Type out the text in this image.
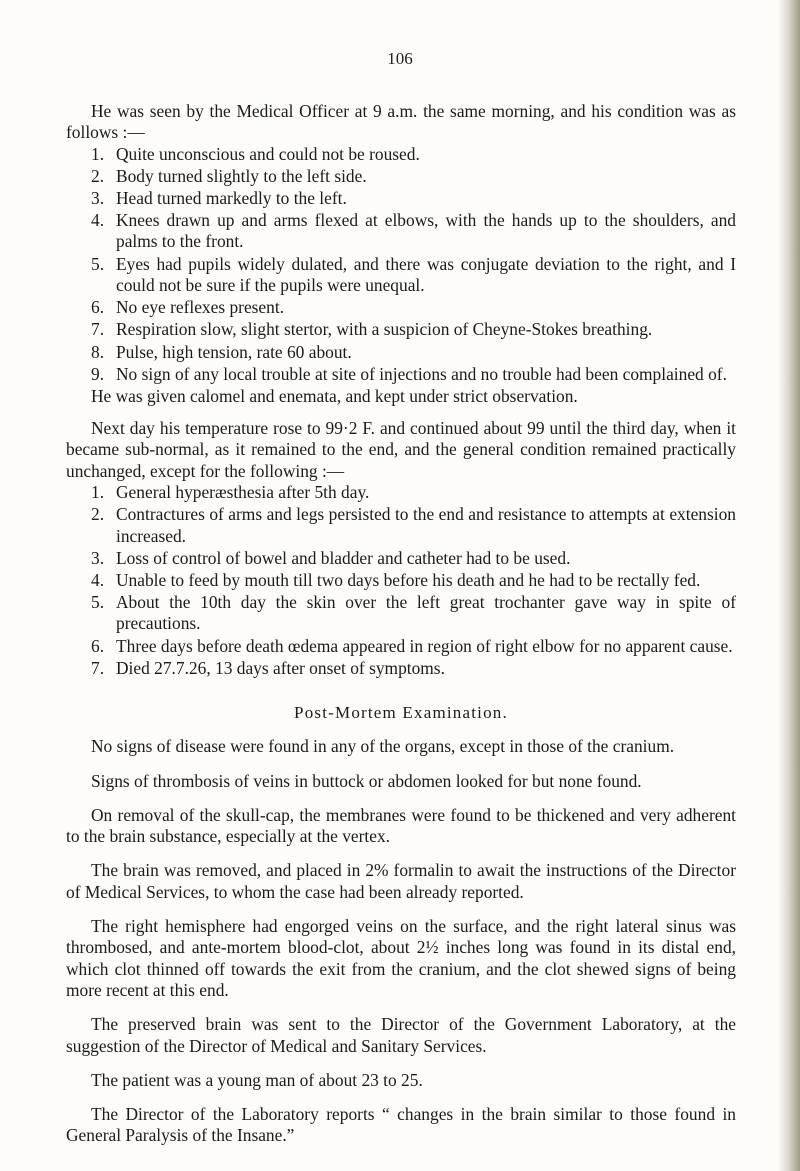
106

He was seen by the Medical Officer at 9 a.m. the same morning, and his condition was as follows :—

1. Quite unconscious and could not be roused.
2. Body turned slightly to the left side.
3. Head turned markedly to the left.
4. Knees drawn up and arms flexed at elbows, with the hands up to the shoulders, and palms to the front.
5. Eyes had pupils widely dulated, and there was conjugate deviation to the right, and I could not be sure if the pupils were unequal.
6. No eye reflexes present.
7. Respiration slow, slight stertor, with a suspicion of Cheyne-Stokes breathing.
8. Pulse, high tension, rate 60 about.
9. No sign of any local trouble at site of injections and no trouble had been complained of.

He was given calomel and enemata, and kept under strict observation.

Next day his temperature rose to 99·2 F. and continued about 99 until the third day, when it became sub-normal, as it remained to the end, and the general condition remained practically unchanged, except for the following :—

1. General hyperæsthesia after 5th day.
2. Contractures of arms and legs persisted to the end and resistance to attempts at extension increased.
3. Loss of control of bowel and bladder and catheter had to be used.
4. Unable to feed by mouth till two days before his death and he had to be rectally fed.
5. About the 10th day the skin over the left great trochanter gave way in spite of precautions.
6. Three days before death œdema appeared in region of right elbow for no apparent cause.
7. Died 27.7.26, 13 days after onset of symptoms.
Post-Mortem Examination.

No signs of disease were found in any of the organs, except in those of the cranium.

Signs of thrombosis of veins in buttock or abdomen looked for but none found.

On removal of the skull-cap, the membranes were found to be thickened and very adherent to the brain substance, especially at the vertex.

The brain was removed, and placed in 2% formalin to await the instructions of the Director of Medical Services, to whom the case had been already reported.

The right hemisphere had engorged veins on the surface, and the right lateral sinus was thrombosed, and ante-mortem blood-clot, about 2½ inches long was found in its distal end, which clot thinned off towards the exit from the cranium, and the clot shewed signs of being more recent at this end.

The preserved brain was sent to the Director of the Government Laboratory, at the suggestion of the Director of Medical and Sanitary Services.

The patient was a young man of about 23 to 25.

The Director of the Laboratory reports “ changes in the brain similar to those found in General Paralysis of the Insane.”
